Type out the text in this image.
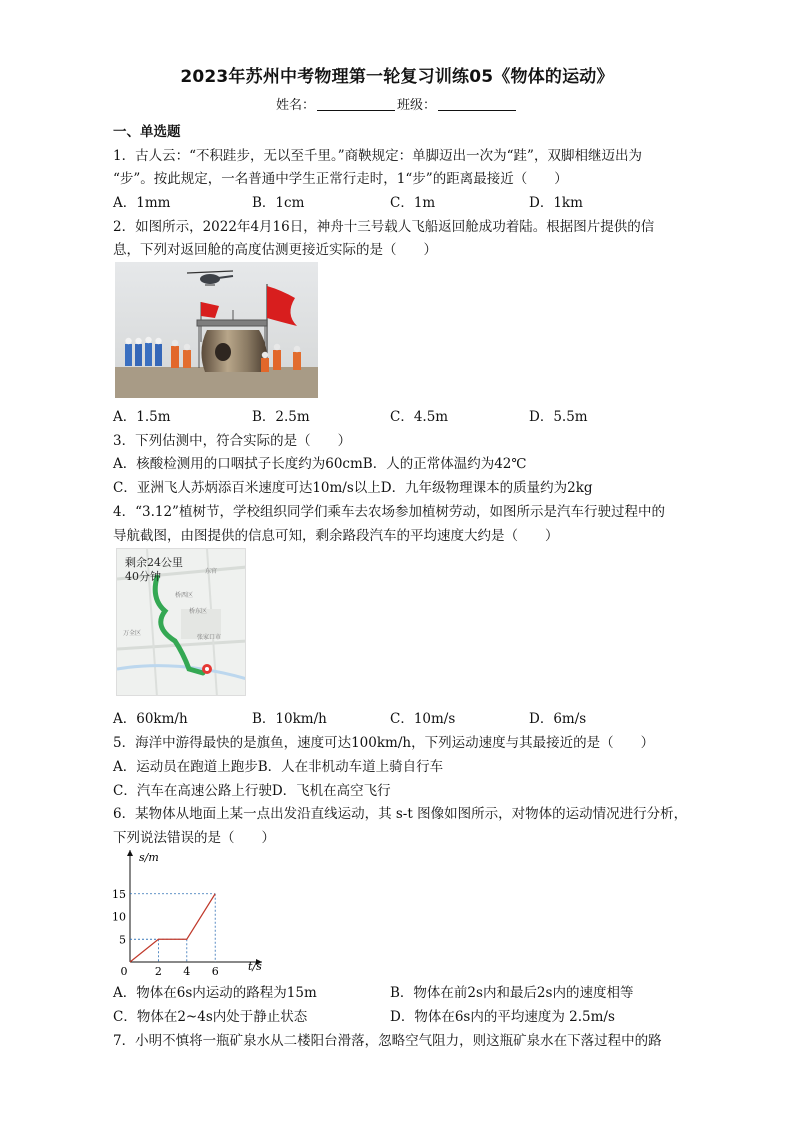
2023年苏州中考物理第一轮复习训练05《物体的运动》
姓名：	班级：
一、单选题
1．古人云：“不积跬步，无以至千里。”商鞅规定：单脚迈出一次为“跬”，双脚相继迈出为
“步”。按此规定，一名普通中学生正常行走时，1“步”的距离最接近（　　）
A．1mm	B．1cm	C．1m	D．1km
2．如图所示，2022年4月16日，神舟十三号载人飞船返回舱成功着陆。根据图片提供的信
息，下列对返回舱的高度估测更接近实际的是（　　）
A．1.5m	B．2.5m	C．4.5m	D．5.5m
3．下列估测中，符合实际的是（　　）
A．核酸检测用的口咽拭子长度约为60cmB．人的正常体温约为42℃
C．亚洲飞人苏炳添百米速度可达10m/s以上D．九年级物理课本的质量约为2kg
4．“3.12”植树节，学校组织同学们乘车去农场参加植树劳动，如图所示是汽车行驶过程中的
导航截图，由图提供的信息可知，剩余路段汽车的平均速度大约是（　　）
剩余24公里
40分钟	东官
桥西区
桥东区
万全区
张家口市
A．60km/h	B．10km/h	C．10m/s	D．6m/s
5．海洋中游得最快的是旗鱼，速度可达100km/h，下列运动速度与其最接近的是（　　）
A．运动员在跑道上跑步B．人在非机动车道上骑自行车
C．汽车在高速公路上行驶D．飞机在高空飞行
6．某物体从地面上某一点出发沿直线运动，其 s-t 图像如图所示，对物体的运动情况进行分析，
下列说法错误的是（　　）
s/m
t/s
5
10
15
0 2 4 6
A．物体在6s内运动的路程为15m	B．物体在前2s内和最后2s内的速度相等
C．物体在2~4s内处于静止状态	D．物体在6s内的平均速度为 2.5m/s
7．小明不慎将一瓶矿泉水从二楼阳台滑落，忽略空气阻力，则这瓶矿泉水在下落过程中的路
